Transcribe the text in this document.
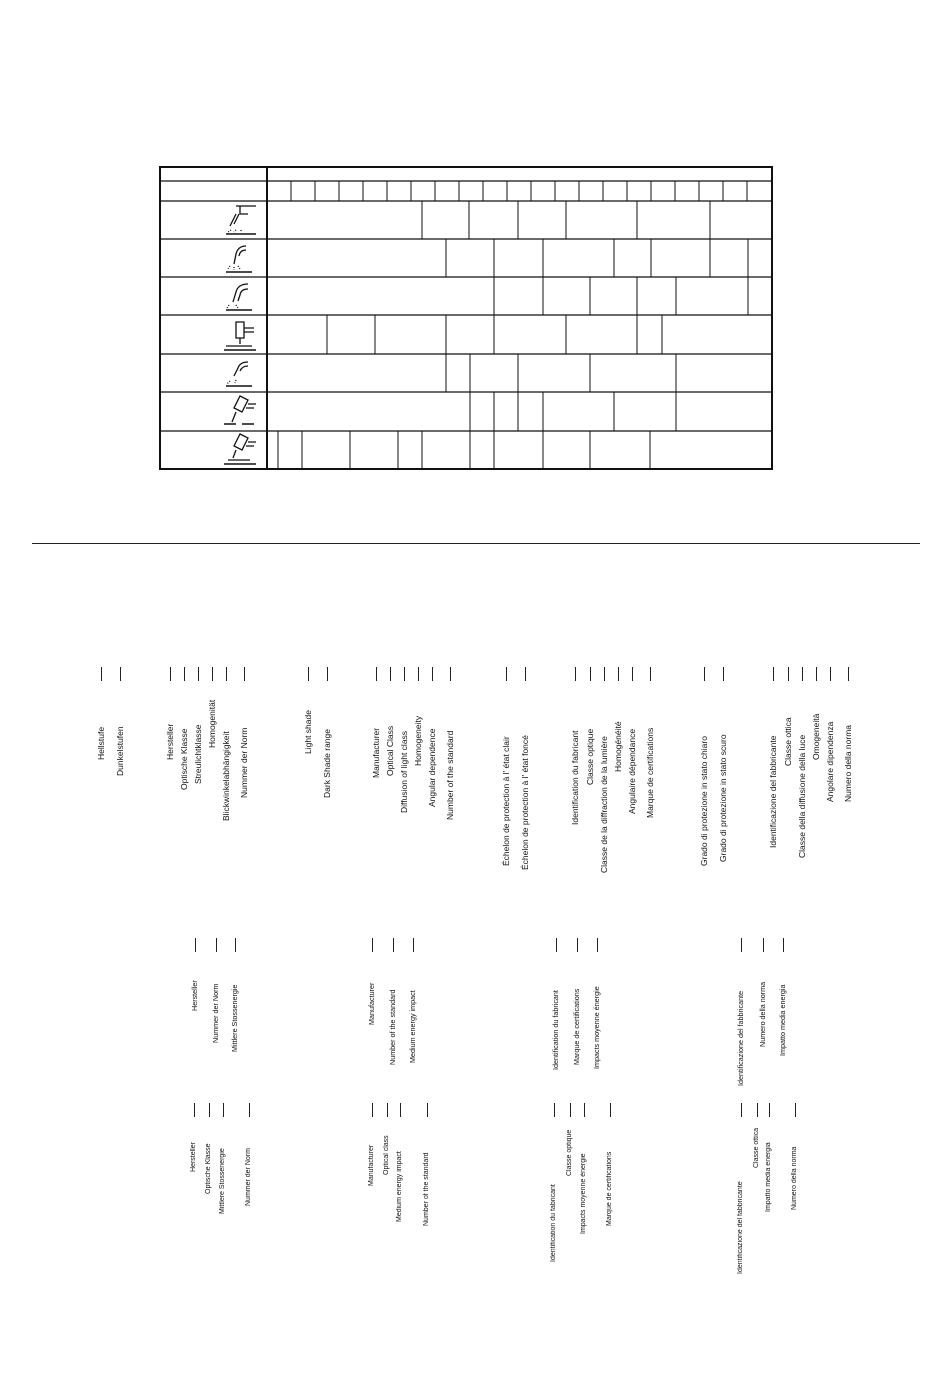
Hellstufe Dunkelstufen	Hersteller Optische Klasse Streulichtklasse
Homogenität
Blickwinkelabhängigkeit Nummer der Norm	Light shade Dark Shade range	Manufacturer Optical Class Diffusion of light class Homogeneity Angular dependence Number of the standard	Échelon de protection à l' état clair Échelon de protection à l' état foncé	Identification du fabricant Classe optique Classe de la diffraction de la lumière Homogénéité Angulaire dépendance Marque de certifications	Grado di protezione in stato chiaro Grado di protezione in stato scuro	Identificazione del fabbricante Classe ottica Classe della diffusione della luce Omogeneità Angolare dipendenza Numero della norma
Hersteller Nummer der Norm Mittlere Stossenergie	Manufacturer Number of the standard Medium energy impact	Identification du fabricant Marque de certifications Impacts moyenne énergie	Identificazione del fabbricante Numero della norma Impatto media energia
Hersteller Optische Klasse Mittlere Stossenergie	Nummer der Norm	Manufacturer Optical class Medium energy impact	Number of the standard	Identification du fabricant
Classe optique
Impacts moyenne énergie	Marque de certifications	Identificazione del fabbricante
Classe ottica Impatto media energia	Numero della norma
